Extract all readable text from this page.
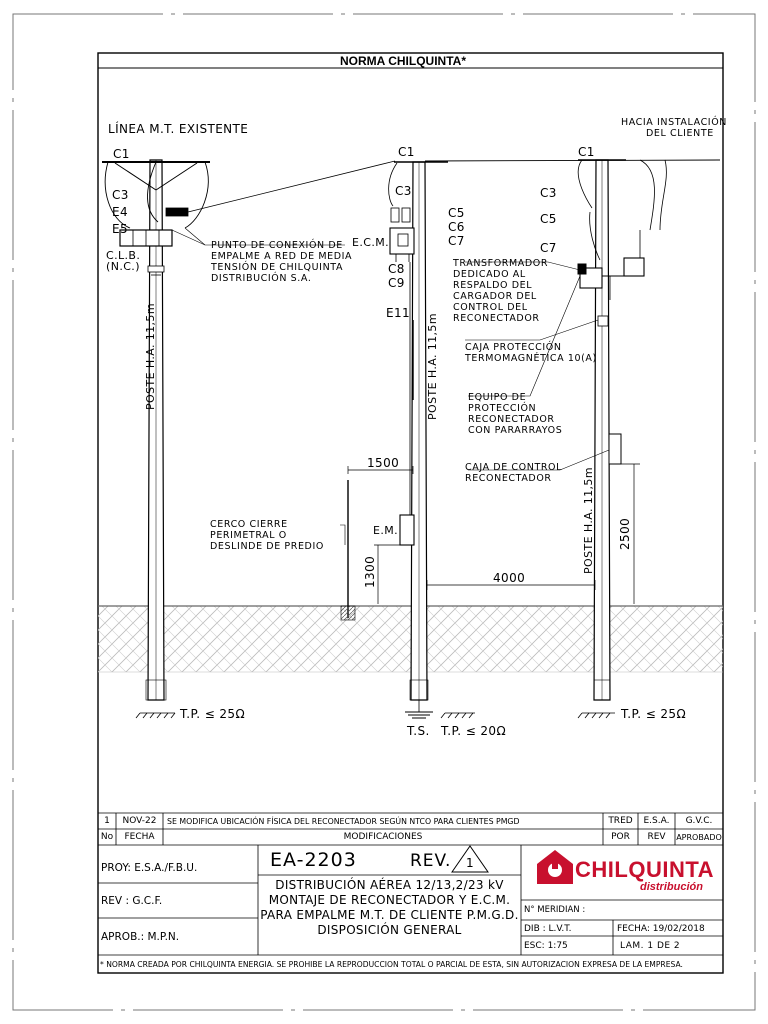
NORMA CHILQUINTA*
LÍNEA M.T. EXISTENTE	HACIA INSTALACIÓN
DEL CLIENTE
C1	C1	C1
C3
E4
E5
C.L.B.
(N.C.)
C3
C5
C6
C7
E.C.M.
C8
C9
E11
C3
C5
C7
PUNTO DE CONEXIÓN DE
EMPALME A RED DE MEDIA
TENSIÓN DE CHILQUINTA
DISTRIBUCIÓN S.A.
TRANSFORMADOR
DEDICADO AL
RESPALDO DEL
CARGADOR DEL
CONTROL DEL
RECONECTADOR
CAJA PROTECCIÓN
TERMOMAGNÉTICA 10(A)
EQUIPO DE
PROTECCIÓN
RECONECTADOR
CON PARARRAYOS
CAJA DE CONTROL
RECONECTADOR
CERCO CIERRE
PERIMETRAL O
DESLINDE DE PREDIO
POSTE H.A. 11,5m	POSTE H.A. 11,5m
POSTE H.A. 11,5m
E.M.
1500
1300	4000
2500
T.P. ≤ 25Ω
T.S. T.P. ≤ 20Ω
T.P. ≤ 25Ω
1	NOV-22	SE MODIFICA UBICACIÓN FÍSICA DEL RECONECTADOR SEGÚN NTCO PARA CLIENTES PMGD	TRED	E.S.A.	G.V.C.
No	FECHA	MODIFICACIONES	POR	REV	APROBADO
PROY: E.S.A./F.B.U.
REV : G.C.F.
APROB.: M.P.N.
EA-2203	REV. 1
DISTRIBUCIÓN AÉREA 12/13,2/23 kV
MONTAJE DE RECONECTADOR Y E.C.M.
PARA EMPALME M.T. DE CLIENTE P.M.G.D.
DISPOSICIÓN GENERAL
CHILQUINTA
distribución
N° MERIDIAN :
DIB : L.V.T.
ESC: 1:75
FECHA: 19/02/2018
LAM. 1 DE 2
* NORMA CREADA POR CHILQUINTA ENERGIA. SE PROHIBE LA REPRODUCCION TOTAL O PARCIAL DE ESTA, SIN AUTORIZACION EXPRESA DE LA EMPRESA.
